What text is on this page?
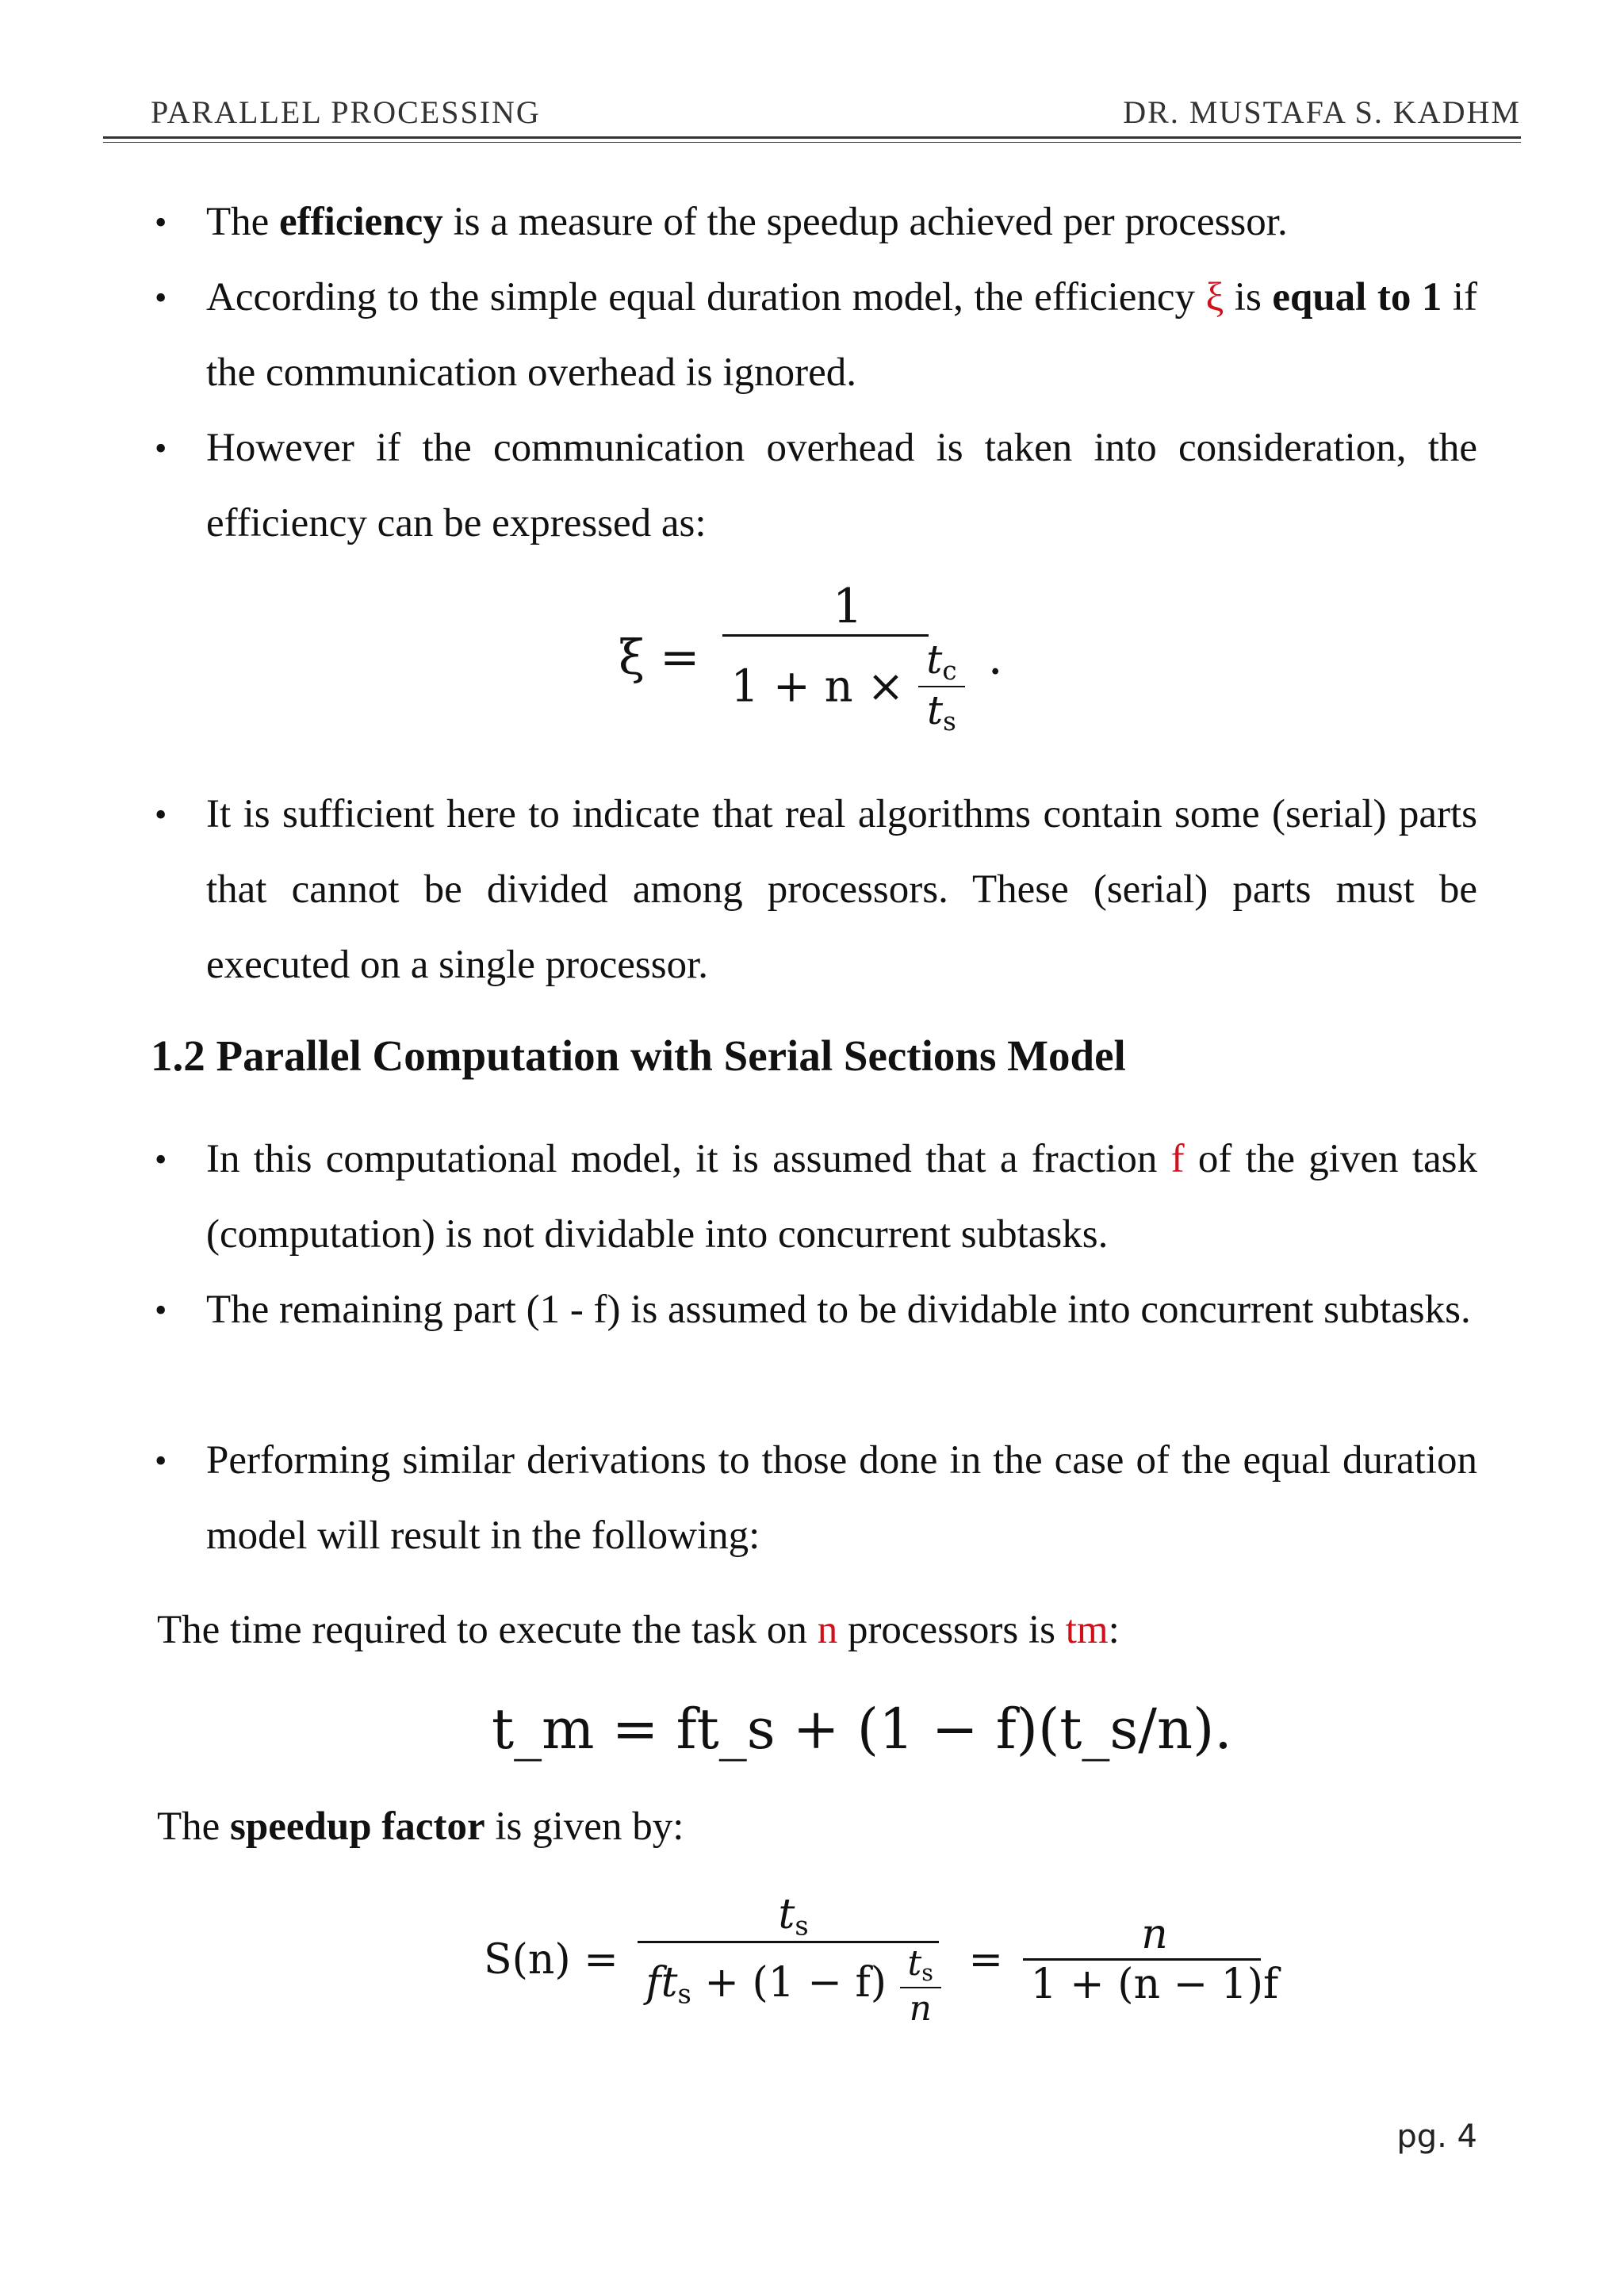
PARALLEL PROCESSING	DR. MUSTAFA S. KADHM
• The efficiency is a measure of the speedup achieved per processor.
• According to the simple equal duration model, the efficiency ξ is equal to 1 if the communication overhead is ignored.
• However if the communication overhead is taken into consideration, the efficiency can be expressed as:
$\xi = \frac{1}{1 + n \times \frac{t_c}{t_s}}$ .
• It is sufficient here to indicate that real algorithms contain some (serial) parts that cannot be divided among processors. These (serial) parts must be executed on a single processor.
1.2 Parallel Computation with Serial Sections Model
• In this computational model, it is assumed that a fraction f of the given task (computation) is not dividable into concurrent subtasks.
• The remaining part (1 - f) is assumed to be dividable into concurrent subtasks.
• Performing similar derivations to those done in the case of the equal duration model will result in the following:
The time required to execute the task on n processors is tm:
t_m = ft_s + (1 − f)(t_s/n).
The speedup factor is given by:
$S(n) = \frac{t_s}{ft_s + (1 - f) \frac{t_s}{n}} = \frac{n}{1 + (n - 1)f}$
pg. 4
